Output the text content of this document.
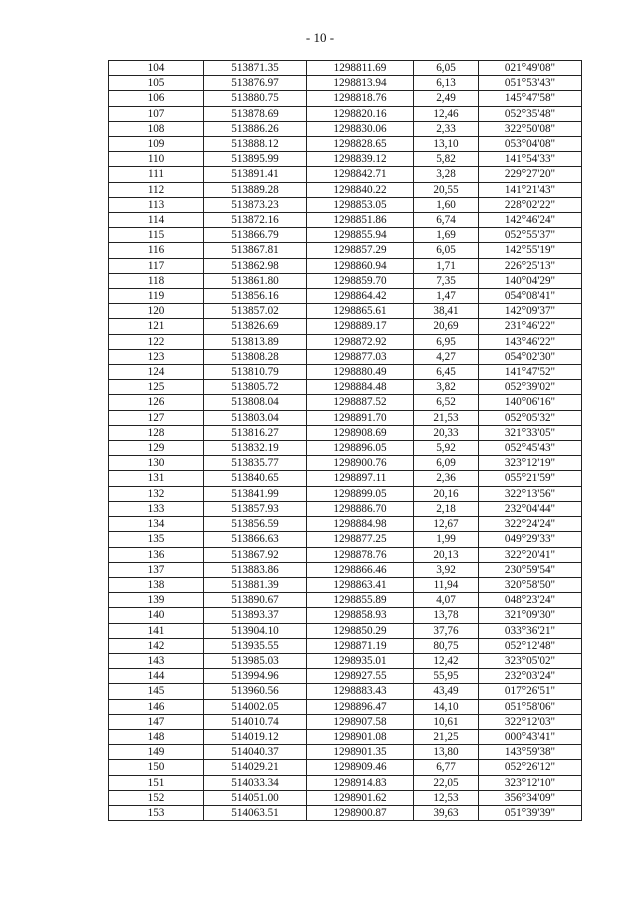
- 10 -
104	513871.35	1298811.69	6,05	021°49'08"
105	513876.97	1298813.94	6,13	051°53'43"
106	513880.75	1298818.76	2,49	145°47'58"
107	513878.69	1298820.16	12,46	052°35'48"
108	513886.26	1298830.06	2,33	322°50'08"
109	513888.12	1298828.65	13,10	053°04'08"
110	513895.99	1298839.12	5,82	141°54'33"
111	513891.41	1298842.71	3,28	229°27'20"
112	513889.28	1298840.22	20,55	141°21'43"
113	513873.23	1298853.05	1,60	228°02'22"
114	513872.16	1298851.86	6,74	142°46'24"
115	513866.79	1298855.94	1,69	052°55'37"
116	513867.81	1298857.29	6,05	142°55'19"
117	513862.98	1298860.94	1,71	226°25'13"
118	513861.80	1298859.70	7,35	140°04'29"
119	513856.16	1298864.42	1,47	054°08'41"
120	513857.02	1298865.61	38,41	142°09'37"
121	513826.69	1298889.17	20,69	231°46'22"
122	513813.89	1298872.92	6,95	143°46'22"
123	513808.28	1298877.03	4,27	054°02'30"
124	513810.79	1298880.49	6,45	141°47'52"
125	513805.72	1298884.48	3,82	052°39'02"
126	513808.04	1298887.52	6,52	140°06'16"
127	513803.04	1298891.70	21,53	052°05'32"
128	513816.27	1298908.69	20,33	321°33'05"
129	513832.19	1298896.05	5,92	052°45'43"
130	513835.77	1298900.76	6,09	323°12'19"
131	513840.65	1298897.11	2,36	055°21'59"
132	513841.99	1298899.05	20,16	322°13'56"
133	513857.93	1298886.70	2,18	232°04'44"
134	513856.59	1298884.98	12,67	322°24'24"
135	513866.63	1298877.25	1,99	049°29'33"
136	513867.92	1298878.76	20,13	322°20'41"
137	513883.86	1298866.46	3,92	230°59'54"
138	513881.39	1298863.41	11,94	320°58'50"
139	513890.67	1298855.89	4,07	048°23'24"
140	513893.37	1298858.93	13,78	321°09'30"
141	513904.10	1298850.29	37,76	033°36'21"
142	513935.55	1298871.19	80,75	052°12'48"
143	513985.03	1298935.01	12,42	323°05'02"
144	513994.96	1298927.55	55,95	232°03'24"
145	513960.56	1298883.43	43,49	017°26'51"
146	514002.05	1298896.47	14,10	051°58'06"
147	514010.74	1298907.58	10,61	322°12'03"
148	514019.12	1298901.08	21,25	000°43'41"
149	514040.37	1298901.35	13,80	143°59'38"
150	514029.21	1298909.46	6,77	052°26'12"
151	514033.34	1298914.83	22,05	323°12'10"
152	514051.00	1298901.62	12,53	356°34'09"
153	514063.51	1298900.87	39,63	051°39'39"
